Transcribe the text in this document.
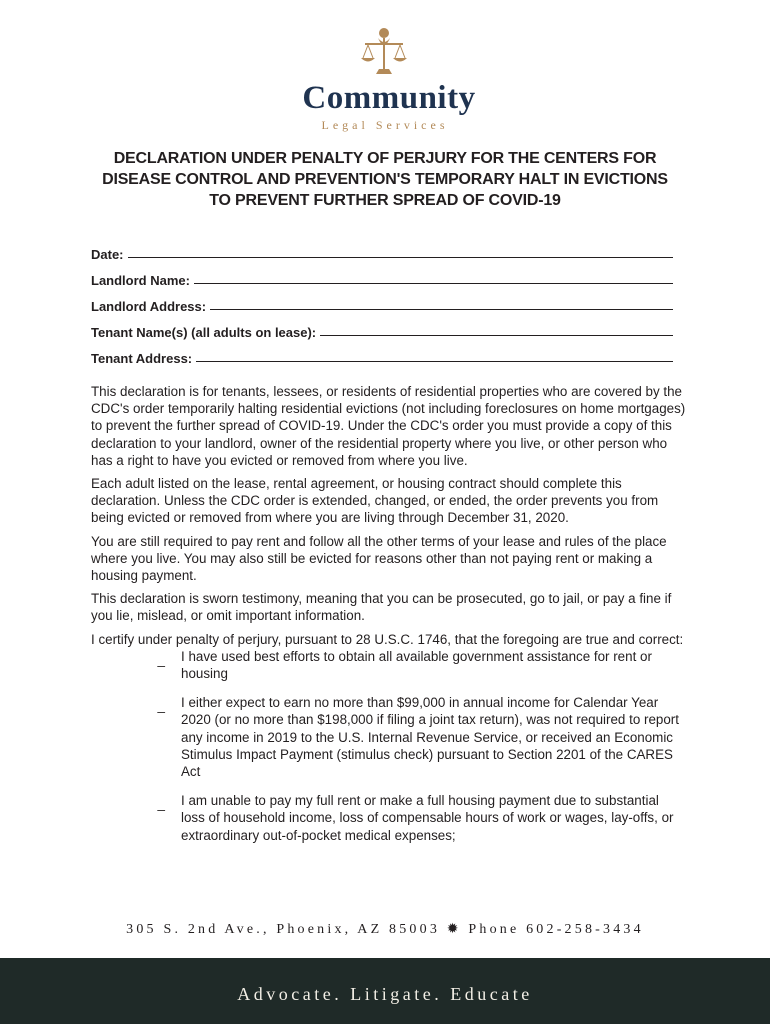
Community
Legal Services
DECLARATION UNDER PENALTY OF PERJURY FOR THE CENTERS FOR
DISEASE CONTROL AND PREVENTION'S TEMPORARY HALT IN EVICTIONS
TO PREVENT FURTHER SPREAD OF COVID-19
Date:
Landlord Name:
Landlord Address:
Tenant Name(s) (all adults on lease):
Tenant Address:

This declaration is for tenants, lessees, or residents of residential properties who are covered by the CDC's order temporarily halting residential evictions (not including foreclosures on home mortgages) to prevent the further spread of COVID-19. Under the CDC's order you must provide a copy of this declaration to your landlord, owner of the residential property where you live, or other person who has a right to have you evicted or removed from where you live.

Each adult listed on the lease, rental agreement, or housing contract should complete this declaration. Unless the CDC order is extended, changed, or ended, the order prevents you from being evicted or removed from where you are living through December 31, 2020.

You are still required to pay rent and follow all the other terms of your lease and rules of the place where you live. You may also still be evicted for reasons other than not paying rent or making a housing payment.

This declaration is sworn testimony, meaning that you can be prosecuted, go to jail, or pay a fine if you lie, mislead, or omit important information.

I certify under penalty of perjury, pursuant to 28 U.S.C. 1746, that the foregoing are true and correct:

_	I have used best efforts to obtain all available government assistance for rent or housing
_	I either expect to earn no more than $99,000 in annual income for Calendar Year 2020 (or no more than $198,000 if filing a joint tax return), was not required to report any income in 2019 to the U.S. Internal Revenue Service, or received an Economic Stimulus Impact Payment (stimulus check) pursuant to Section 2201 of the CARES Act
_	I am unable to pay my full rent or make a full housing payment due to substantial loss of household income, loss of compensable hours of work or wages, lay-offs, or extraordinary out-of-pocket medical expenses;
305 S. 2nd Ave., Phoenix, AZ 85003 ✹ Phone 602-258-3434
Advocate. Litigate. Educate
